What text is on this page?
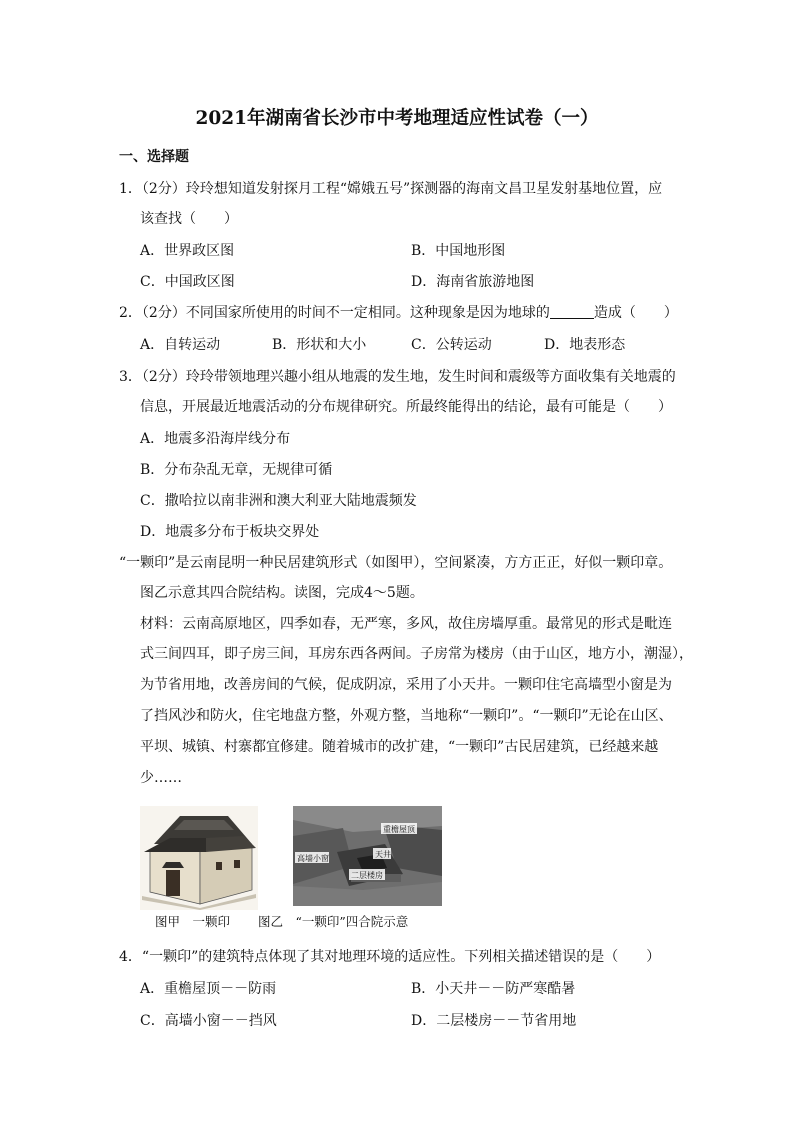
2021年湖南省长沙市中考地理适应性试卷（一）
一、选择题
1．（2分）玲玲想知道发射探月工程“嫦娥五号”探测器的海南文昌卫星发射基地位置，应
该查找（　　）
A．世界政区图	B．中国地形图
C．中国政区图	D．海南省旅游地图
2．（2分）不同国家所使用的时间不一定相同。这种现象是因为地球的	造成（　　）
A．自转运动	B．形状和大小	C．公转运动	D．地表形态
3．（2分）玲玲带领地理兴趣小组从地震的发生地，发生时间和震级等方面收集有关地震的
信息，开展最近地震活动的分布规律研究。所最终能得出的结论，最有可能是（　　）
A．地震多沿海岸线分布
B．分布杂乱无章，无规律可循
C．撒哈拉以南非洲和澳大利亚大陆地震频发
D．地震多分布于板块交界处
“一颗印”是云南昆明一种民居建筑形式（如图甲），空间紧凑，方方正正，好似一颗印章。
图乙示意其四合院结构。读图，完成4～5题。
材料：云南高原地区，四季如春，无严寒，多风，故住房墙厚重。最常见的形式是毗连
式三间四耳，即子房三间，耳房东西各两间。子房常为楼房（由于山区，地方小，潮湿），
为节省用地，改善房间的气候，促成阴凉，采用了小天井。一颗印住宅高墙型小窗是为
了挡风沙和防火，住宅地盘方整，外观方整，当地称“一颗印”。“一颗印”无论在山区、
平坝、城镇、村寨都宜修建。随着城市的改扩建，“一颗印”古民居建筑，已经越来越
少……
重檐屋顶
高墙小窗	天井
二层楼房
图甲　一颗印 图乙　“一颗印”四合院示意
4．“一颗印”的建筑特点体现了其对地理环境的适应性。下列相关描述错误的是（　　）
A．重檐屋顶－－防雨	B．小天井－－防严寒酷暑
C．高墙小窗－－挡风	D．二层楼房－－节省用地
